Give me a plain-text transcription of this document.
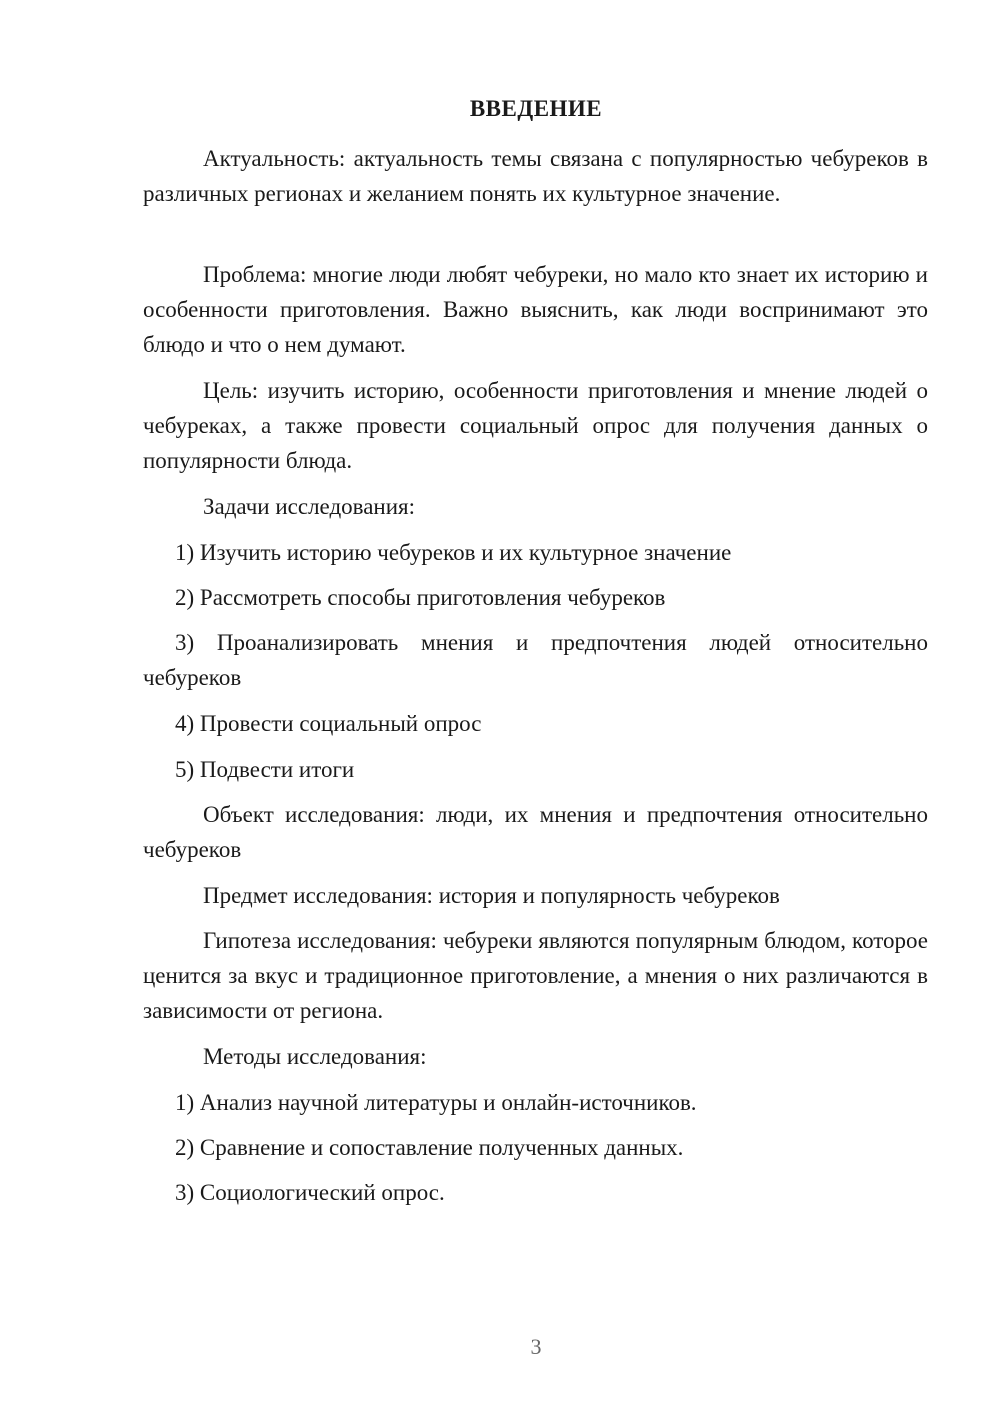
ВВЕДЕНИЕ

Актуальность: актуальность темы связана с популярностью чебуреков в различных регионах и желанием понять их культурное значение.

Проблема: многие люди любят чебуреки, но мало кто знает их историю и особенности приготовления. Важно выяснить, как люди воспринимают это блюдо и что о нем думают.

Цель: изучить историю, особенности приготовления и мнение людей о чебуреках, а также провести социальный опрос для получения данных о популярности блюда.

Задачи исследования:

1) Изучить историю чебуреков и их культурное значение

2) Рассмотреть способы приготовления чебуреков

3) Проанализировать мнения и предпочтения людей относительно чебуреков

4) Провести социальный опрос

5) Подвести итоги

Объект исследования: люди, их мнения и предпочтения относительно чебуреков

Предмет исследования: история и популярность чебуреков

Гипотеза исследования: чебуреки являются популярным блюдом, которое ценится за вкус и традиционное приготовление, а мнения о них различаются в зависимости от региона.

Методы исследования:

1) Анализ научной литературы и онлайн-источников.

2) Сравнение и сопоставление полученных данных.

3) Социологический опрос.

3
